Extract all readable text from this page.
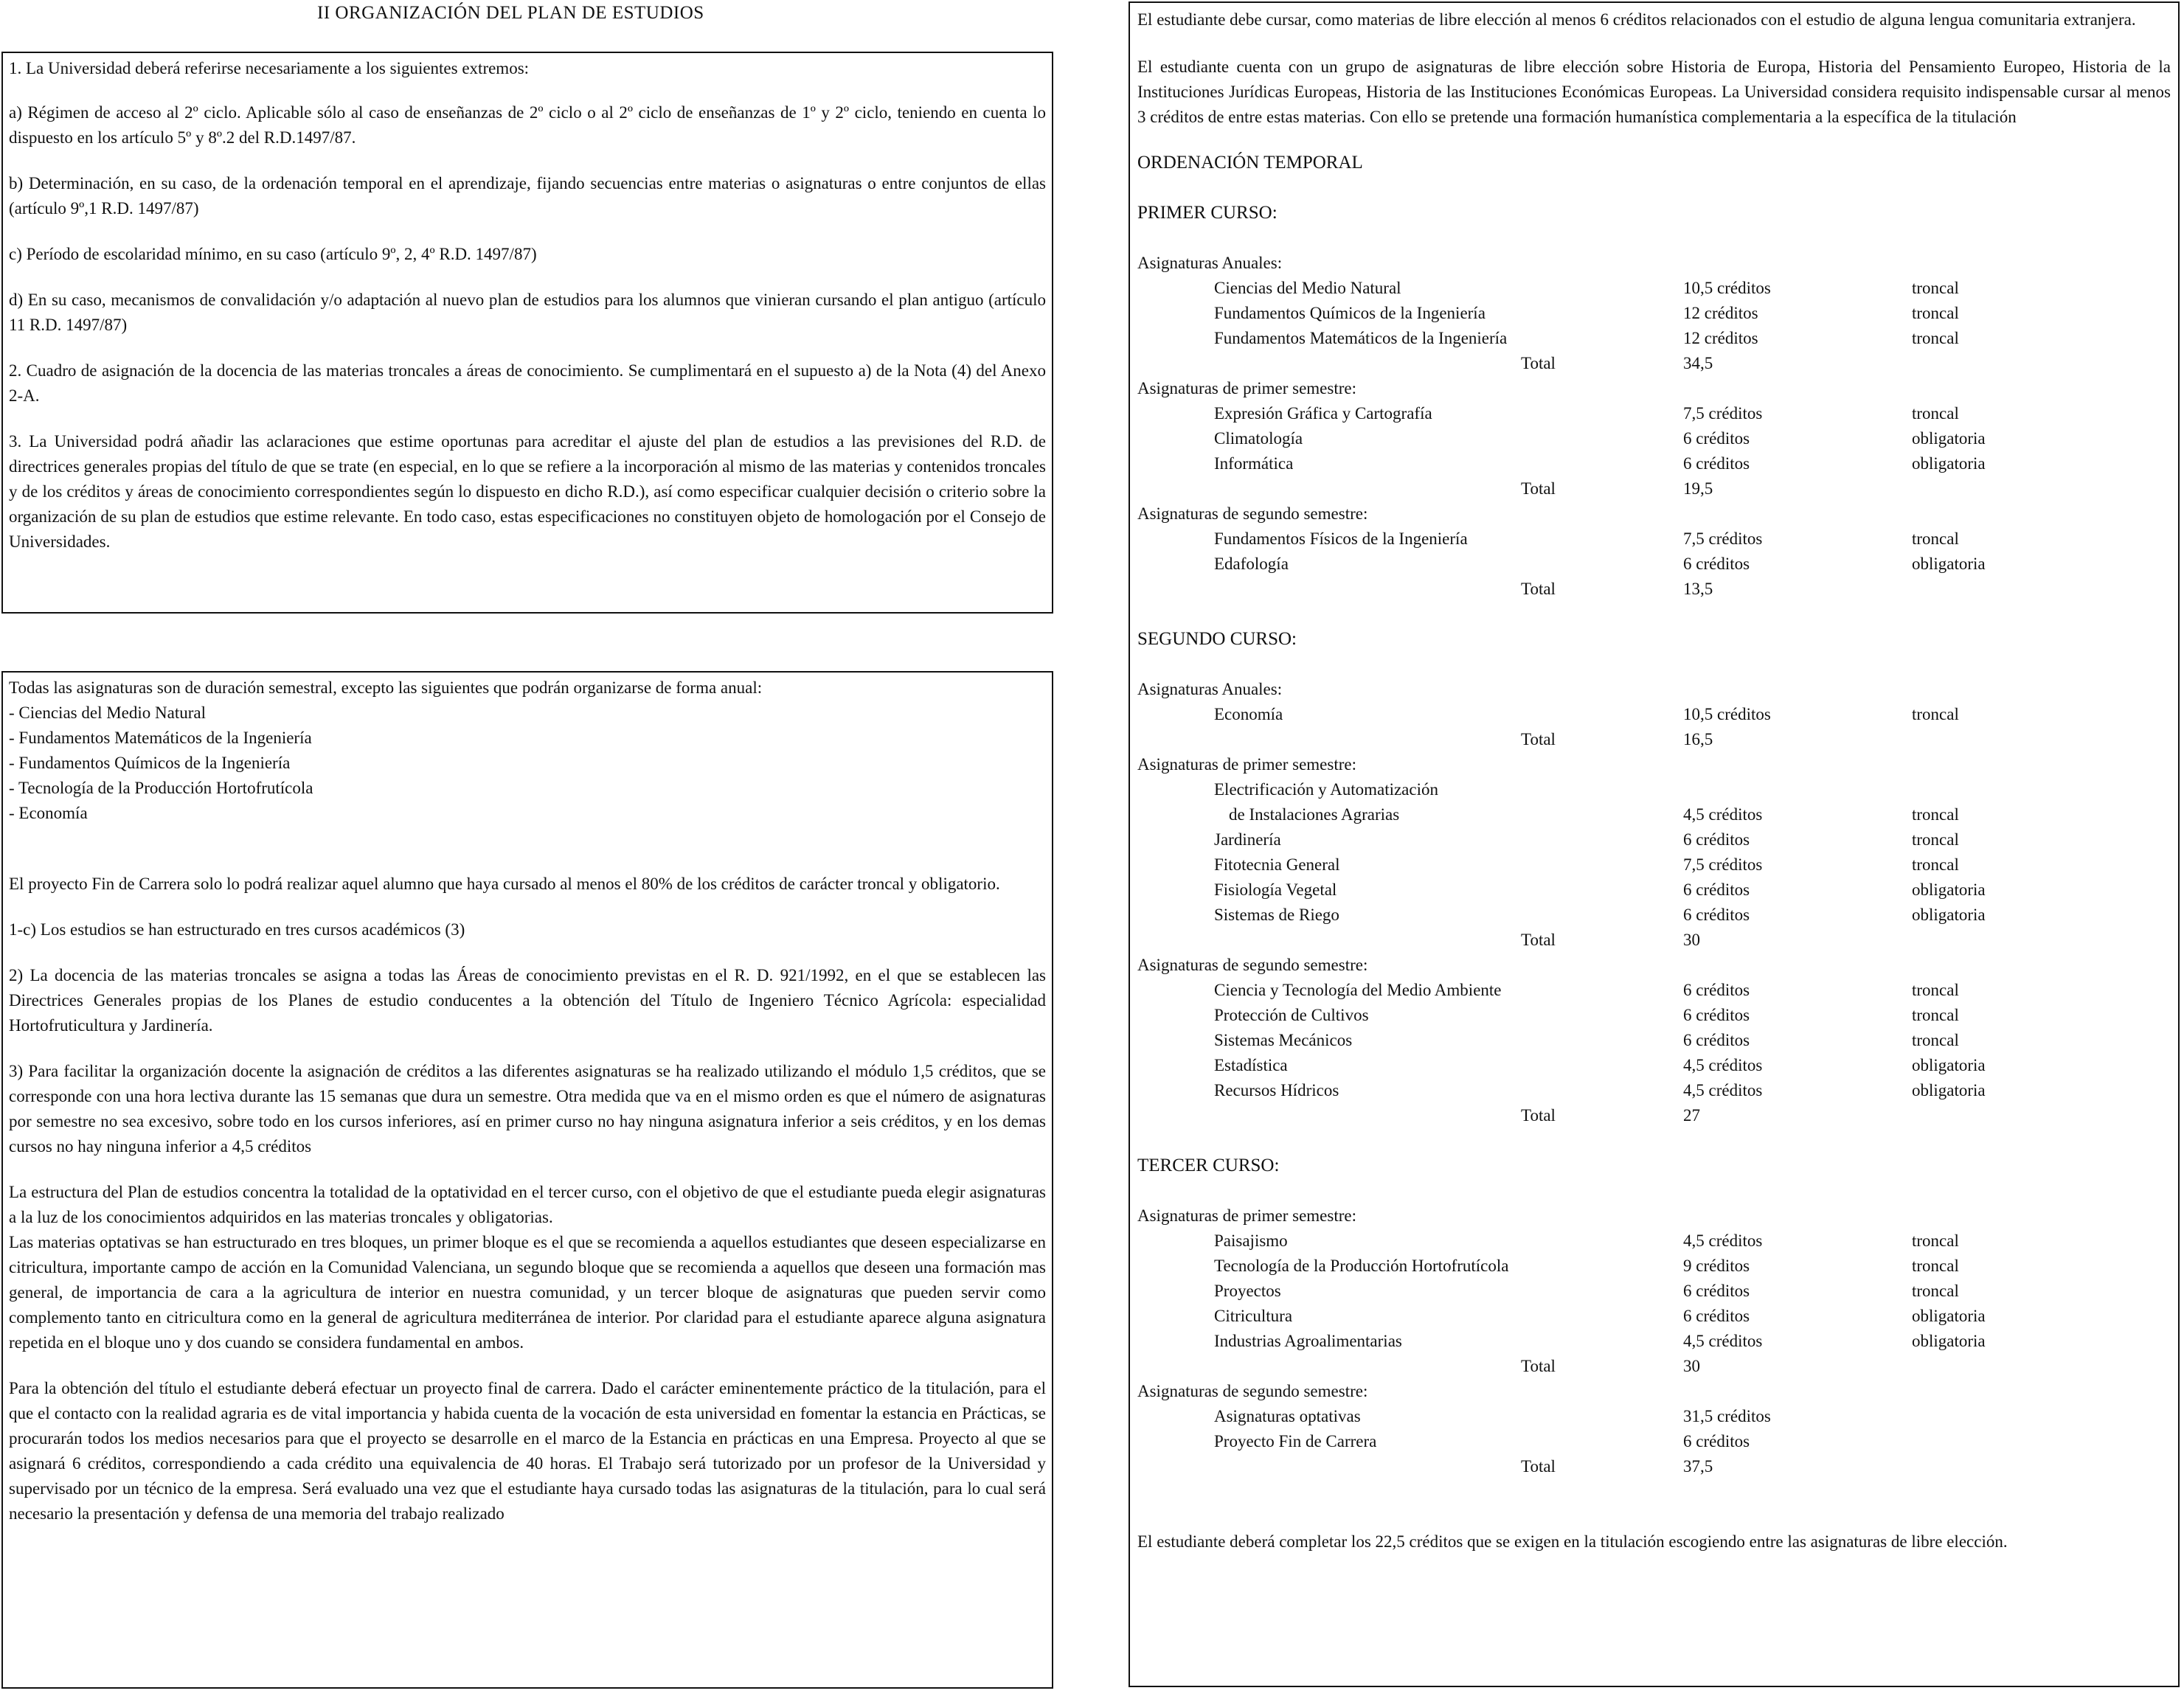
II ORGANIZACIÓN DEL PLAN DE ESTUDIOS

1. La Universidad deberá referirse necesariamente a los siguientes extremos:

a) Régimen de acceso al 2º ciclo. Aplicable sólo al caso de enseñanzas de 2º ciclo o al 2º ciclo de enseñanzas de 1º y 2º ciclo, teniendo en cuenta lo dispuesto en los artículo 5º y 8º.2 del R.D.1497/87.

b) Determinación, en su caso, de la ordenación temporal en el aprendizaje, fijando secuencias entre materias o asignaturas o entre conjuntos de ellas (artículo 9º,1 R.D. 1497/87)

c) Período de escolaridad mínimo, en su caso (artículo 9º, 2, 4º R.D. 1497/87)

d) En su caso, mecanismos de convalidación y/o adaptación al nuevo plan de estudios para los alumnos que vinieran cursando el plan antiguo (artículo 11 R.D. 1497/87)

2. Cuadro de asignación de la docencia de las materias troncales a áreas de conocimiento. Se cumplimentará en el supuesto a) de la Nota (4) del Anexo 2-A.

3. La Universidad podrá añadir las aclaraciones que estime oportunas para acreditar el ajuste del plan de estudios a las previsiones del R.D. de directrices generales propias del título de que se trate (en especial, en lo que se refiere a la incorporación al mismo de las materias y contenidos troncales y de los créditos y áreas de conocimiento correspondientes según lo dispuesto en dicho R.D.), así como especificar cualquier decisión o criterio sobre la organización de su plan de estudios que estime relevante. En todo caso, estas especificaciones no constituyen objeto de homologación por el Consejo de Universidades.

Todas las asignaturas son de duración semestral, excepto las siguientes que podrán organizarse de forma anual:

- Ciencias del Medio Natural

- Fundamentos Matemáticos de la Ingeniería

- Fundamentos Químicos de la Ingeniería

- Tecnología de la Producción Hortofrutícola

- Economía

El proyecto Fin de Carrera solo lo podrá realizar aquel alumno que haya cursado al menos el 80% de los créditos de carácter troncal y obligatorio.

1-c) Los estudios se han estructurado en tres cursos académicos (3)

2) La docencia de las materias troncales se asigna a todas las Áreas de conocimiento previstas en el R. D. 921/1992, en el que se establecen las Directrices Generales propias de los Planes de estudio conducentes a la obtención del Título de Ingeniero Técnico Agrícola: especialidad Hortofruticultura y Jardinería.

3) Para facilitar la organización docente la asignación de créditos a las diferentes asignaturas se ha realizado utilizando el módulo 1,5 créditos, que se corresponde con una hora lectiva durante las 15 semanas que dura un semestre. Otra medida que va en el mismo orden es que el número de asignaturas por semestre no sea excesivo, sobre todo en los cursos inferiores, así en primer curso no hay ninguna asignatura inferior a seis créditos, y en los demas cursos no hay ninguna inferior a 4,5 créditos

La estructura del Plan de estudios concentra la totalidad de la optatividad en el tercer curso, con el objetivo de que el estudiante pueda elegir asignaturas a la luz de los conocimientos adquiridos en las materias troncales y obligatorias.

Las materias optativas se han estructurado en tres bloques, un primer bloque es el que se recomienda a aquellos estudiantes que deseen especializarse en citricultura, importante campo de acción en la Comunidad Valenciana, un segundo bloque que se recomienda a aquellos que deseen una formación mas general, de importancia de cara a la agricultura de interior en nuestra comunidad, y un tercer bloque de asignaturas que pueden servir como complemento tanto en citricultura como en la general de agricultura mediterránea de interior. Por claridad para el estudiante aparece alguna asignatura repetida en el bloque uno y dos cuando se considera fundamental en ambos.

Para la obtención del título el estudiante deberá efectuar un proyecto final de carrera. Dado el carácter eminentemente práctico de la titulación, para el que el contacto con la realidad agraria es de vital importancia y habida cuenta de la vocación de esta universidad en fomentar la estancia en Prácticas, se procurarán todos los medios necesarios para que el proyecto se desarrolle en el marco de la Estancia en prácticas en una Empresa. Proyecto al que se asignará 6 créditos, correspondiendo a cada crédito una equivalencia de 40 horas. El Trabajo será tutorizado por un profesor de la Universidad y supervisado por un técnico de la empresa. Será evaluado una vez que el estudiante haya cursado todas las asignaturas de la titulación, para lo cual será necesario la presentación y defensa de una memoria del trabajo realizado

El estudiante debe cursar, como materias de libre elección al menos 6 créditos relacionados con el estudio de alguna lengua comunitaria extranjera.

El estudiante cuenta con un grupo de asignaturas de libre elección sobre Historia de Europa, Historia del Pensamiento Europeo, Historia de la Instituciones Jurídicas Europeas, Historia de las Instituciones Económicas Europeas. La Universidad considera requisito indispensable cursar al menos 3 créditos de entre estas materias. Con ello se pretende una formación humanística complementaria a la específica de la titulación

ORDENACIÓN TEMPORAL

PRIMER CURSO:

Asignaturas Anuales:

Ciencias del Medio Natural	10,5 créditos	troncal
Fundamentos Químicos de la Ingeniería	12 créditos	troncal
Fundamentos Matemáticos de la Ingeniería	12 créditos	troncal
Total	34,5

Asignaturas de primer semestre:

Expresión Gráfica y Cartografía	7,5 créditos	troncal
Climatología	6 créditos	obligatoria
Informática	6 créditos	obligatoria
Total	19,5

Asignaturas de segundo semestre:

Fundamentos Físicos de la Ingeniería	7,5 créditos	troncal
Edafología	6 créditos	obligatoria
Total	13,5

SEGUNDO CURSO:

Asignaturas Anuales:

Economía	10,5 créditos	troncal
Total	16,5

Asignaturas de primer semestre:

Electrificación y Automatización
de Instalaciones Agrarias	4,5 créditos	troncal
Jardinería	6 créditos	troncal
Fitotecnia General	7,5 créditos	troncal
Fisiología Vegetal	6 créditos	obligatoria
Sistemas de Riego	6 créditos	obligatoria
Total	30

Asignaturas de segundo semestre:

Ciencia y Tecnología del Medio Ambiente	6 créditos	troncal
Protección de Cultivos	6 créditos	troncal
Sistemas Mecánicos	6 créditos	troncal
Estadística	4,5 créditos	obligatoria
Recursos Hídricos	4,5 créditos	obligatoria
Total	27

TERCER CURSO:

Asignaturas de primer semestre:

Paisajismo	4,5 créditos	troncal
Tecnología de la Producción Hortofrutícola	9 créditos	troncal
Proyectos	6 créditos	troncal
Citricultura	6 créditos	obligatoria
Industrias Agroalimentarias	4,5 créditos	obligatoria
Total	30

Asignaturas de segundo semestre:

Asignaturas optativas	31,5 créditos
Proyecto Fin de Carrera	6 créditos
Total	37,5

El estudiante deberá completar los 22,5 créditos que se exigen en la titulación escogiendo entre las asignaturas de libre elección.
